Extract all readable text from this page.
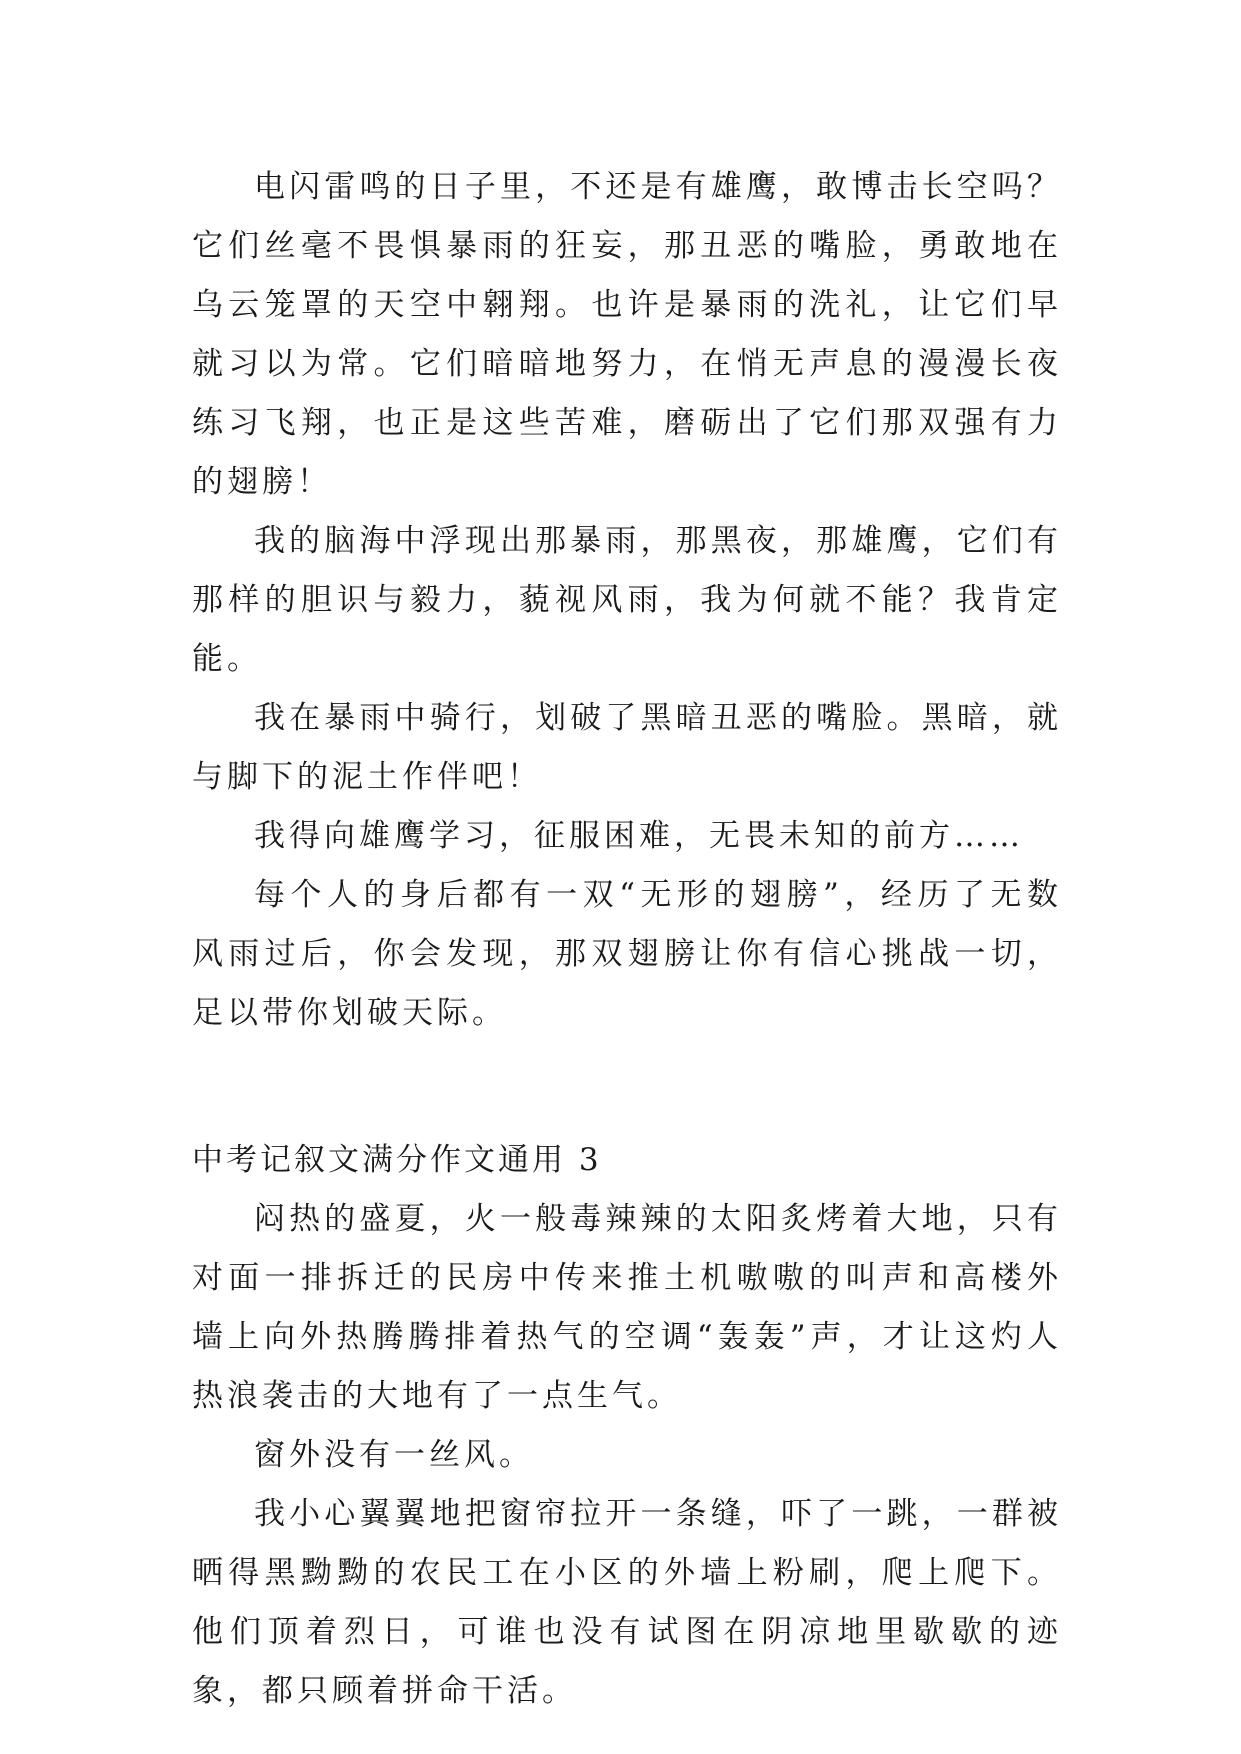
电闪雷鸣的日子里，不还是有雄鹰，敢博击长空吗？它们丝毫不畏惧暴雨的狂妄，那丑恶的嘴脸，勇敢地在乌云笼罩的天空中翱翔。也许是暴雨的洗礼，让它们早就习以为常。它们暗暗地努力，在悄无声息的漫漫长夜练习飞翔，也正是这些苦难，磨砺出了它们那双强有力的翅膀！

我的脑海中浮现出那暴雨，那黑夜，那雄鹰，它们有那样的胆识与毅力，藐视风雨，我为何就不能？我肯定能。

我在暴雨中骑行，划破了黑暗丑恶的嘴脸。黑暗，就与脚下的泥土作伴吧！

我得向雄鹰学习，征服困难，无畏未知的前方……

每个人的身后都有一双“无形的翅膀”，经历了无数风雨过后，你会发现，那双翅膀让你有信心挑战一切，足以带你划破天际。

中考记叙文满分作文通用 3

闷热的盛夏，火一般毒辣辣的太阳炙烤着大地，只有对面一排拆迁的民房中传来推土机嗷嗷的叫声和高楼外墙上向外热腾腾排着热气的空调“轰轰”声，才让这灼人热浪袭击的大地有了一点生气。

窗外没有一丝风。

我小心翼翼地把窗帘拉开一条缝，吓了一跳，一群被晒得黑黝黝的农民工在小区的外墙上粉刷，爬上爬下。他们顶着烈日，可谁也没有试图在阴凉地里歇歇的迹象，都只顾着拼命干活。
